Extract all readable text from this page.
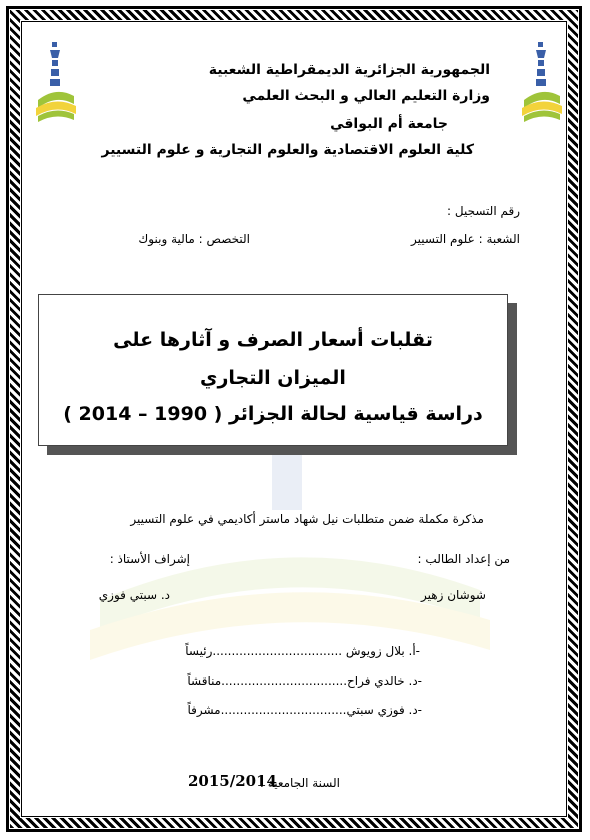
الجمهورية الجزائرية الديمقراطية الشعبية
وزارة التعليم العالي و البحث العلمي
جامعة أم البواقي
كلية العلوم الاقتصادية والعلوم التجارية و علوم التسيير
رقم التسجيل :
الشعبة : علوم التسيير
التخصص : مالية وبنوك
تقلبات أسعار الصرف و آثارها على
الميزان التجاري
دراسة قياسية لحالة الجزائر ( 1990 – 2014 )
مذكرة مكملة ضمن متطلبات نيل شهاد ماستر أكاديمي في علوم التسيير
من إعداد الطالب :
إشراف الأستاذ :
شوشان زهير
د. سبتي فوزي
-أ. بلال زويوش ..................................رئيساً
-د. خالدي فراح.................................مناقشاً
-د. فوزي سبتي.................................مشرفاً
السنة الجامعية :
2015/2014
